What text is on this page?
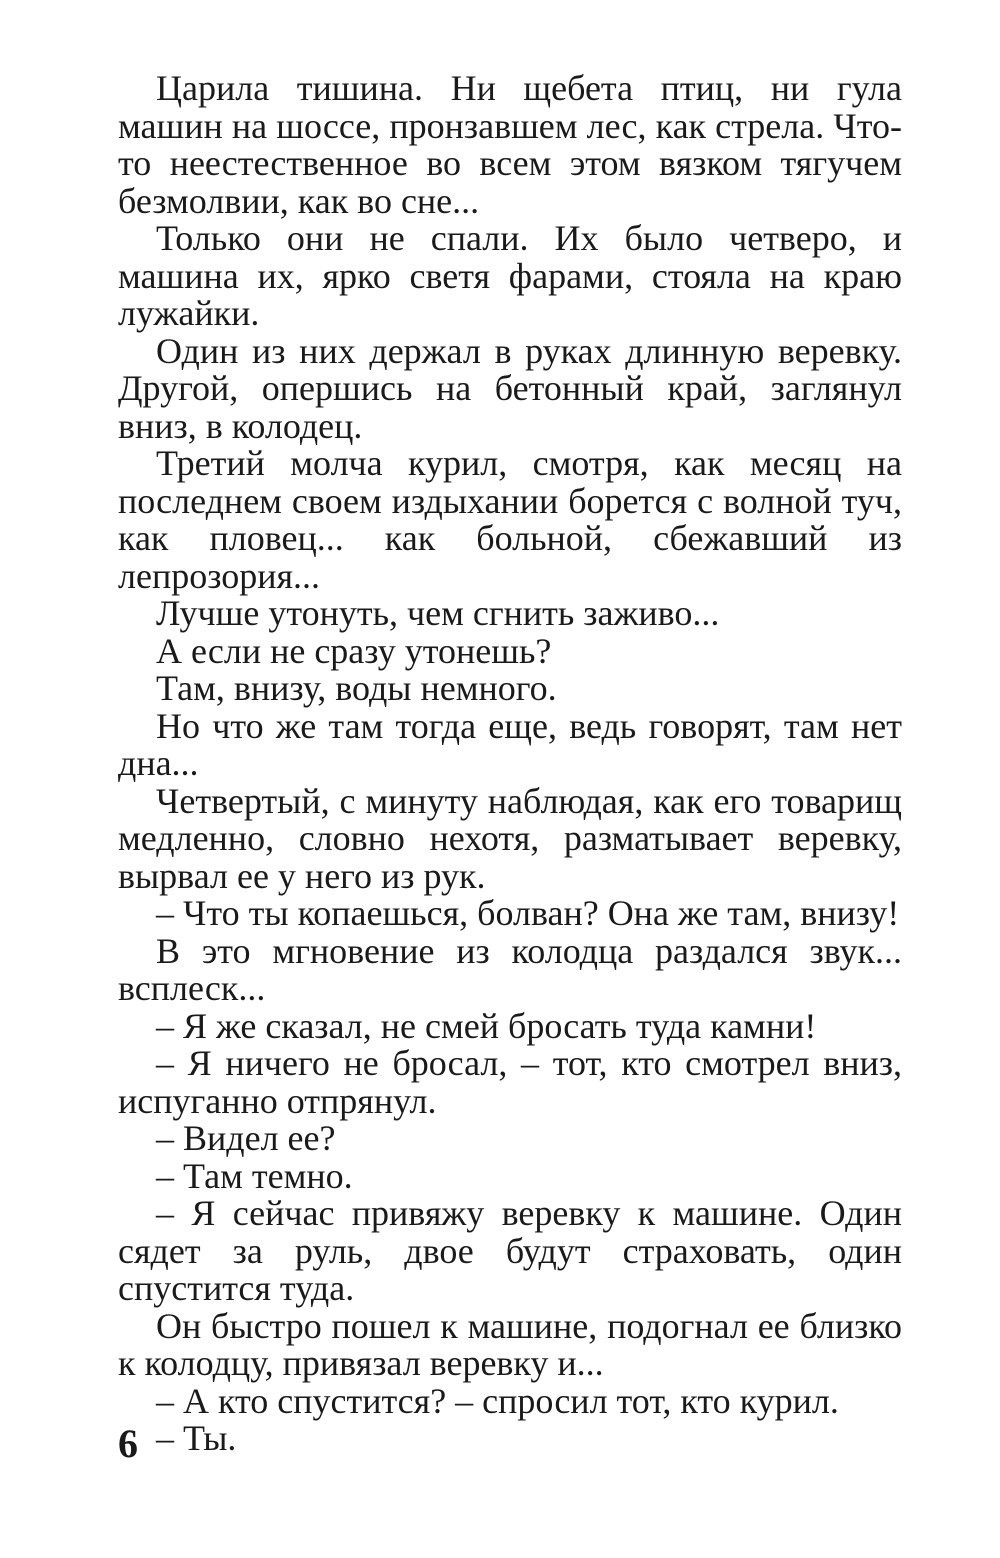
Царила тишина. Ни щебета птиц, ни гула машин на шоссе, пронзавшем лес, как стрела. Что-то неестественное во всем этом вязком тягучем безмолвии, как во сне...

Только они не спали. Их было четверо, и машина их, ярко светя фарами, стояла на краю лужайки.

Один из них держал в руках длинную веревку. Другой, опершись на бетонный край, заглянул вниз, в колодец.

Третий молча курил, смотря, как месяц на последнем своем издыхании борется с волной туч, как пловец... как больной, сбежавший из лепрозория...

Лучше утонуть, чем сгнить заживо...

А если не сразу утонешь?

Там, внизу, воды немного.

Но что же там тогда еще, ведь говорят, там нет дна...

Четвертый, с минуту наблюдая, как его товарищ медленно, словно нехотя, разматывает веревку, вырвал ее у него из рук.

– Что ты копаешься, болван? Она же там, внизу!

В это мгновение из колодца раздался звук... всплеск...

– Я же сказал, не смей бросать туда камни!

– Я ничего не бросал, – тот, кто смотрел вниз, испуганно отпрянул.

– Видел ее?

– Там темно.

– Я сейчас привяжу веревку к машине. Один сядет за руль, двое будут страховать, один спустится туда.

Он быстро пошел к машине, подогнал ее близко к колодцу, привязал веревку и...

– А кто спустится? – спросил тот, кто курил.

– Ты.

6
